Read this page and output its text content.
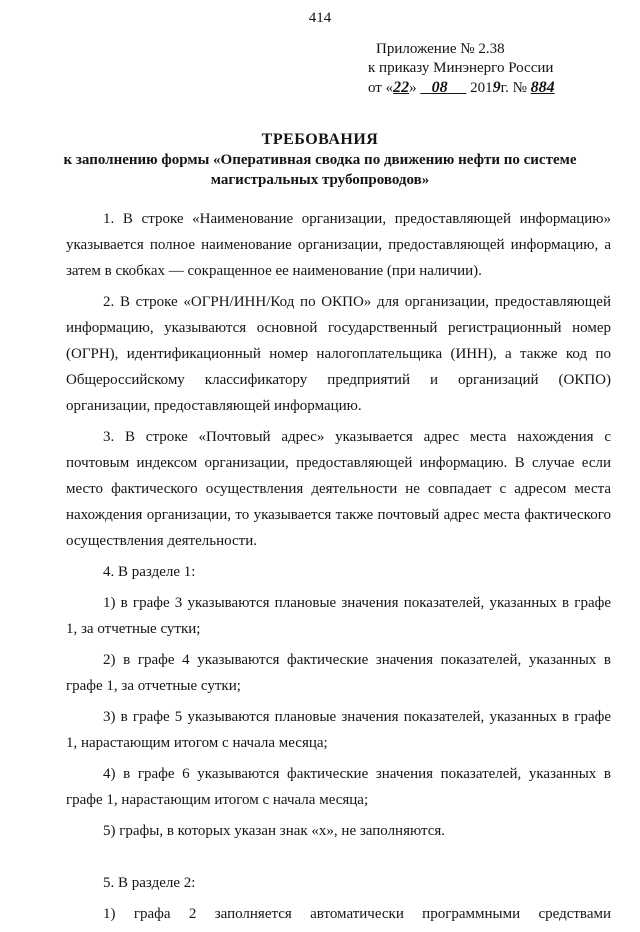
414
Приложение № 2.38
к приказу Минэнерго России
от «22» 08 2019г. № 884
ТРЕБОВАНИЯ
к заполнению формы «Оперативная сводка по движению нефти по системе
магистральных трубопроводов»

1. В строке «Наименование организации, предоставляющей информацию» указывается полное наименование организации, предоставляющей информацию, а затем в скобках — сокращенное ее наименование (при наличии).

2. В строке «ОГРН/ИНН/Код по ОКПО» для организации, предоставляющей информацию, указываются основной государственный регистрационный номер (ОГРН), идентификационный номер налогоплательщика (ИНН), а также код по Общероссийскому классификатору предприятий и организаций (ОКПО) организации, предоставляющей информацию.

3. В строке «Почтовый адрес» указывается адрес места нахождения с почтовым индексом организации, предоставляющей информацию. В случае если место фактического осуществления деятельности не совпадает с адресом места нахождения организации, то указывается также почтовый адрес места фактического осуществления деятельности.

4. В разделе 1:

1) в графе 3 указываются плановые значения показателей, указанных в графе 1, за отчетные сутки;

2) в графе 4 указываются фактические значения показателей, указанных в графе 1, за отчетные сутки;

3) в графе 5 указываются плановые значения показателей, указанных в графе 1, нарастающим итогом с начала месяца;

4) в графе 6 указываются фактические значения показателей, указанных в графе 1, нарастающим итогом с начала месяца;

5) графы, в которых указан знак «х», не заполняются.

5. В разделе 2:

1) графа 2 заполняется автоматически программными средствами
